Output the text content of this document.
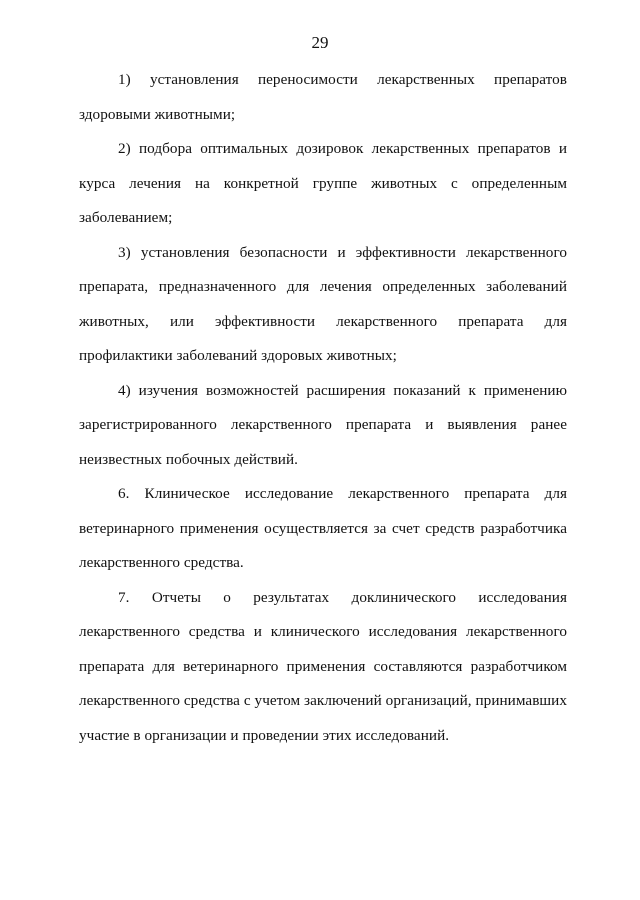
29

1) установления переносимости лекарственных препаратов здоровыми животными;

2) подбора оптимальных дозировок лекарственных препаратов и курса лечения на конкретной группе животных с определенным заболеванием;

3) установления безопасности и эффективности лекарственного препарата, предназначенного для лечения определенных заболеваний животных, или эффективности лекарственного препарата для профилактики заболеваний здоровых животных;

4) изучения возможностей расширения показаний к применению зарегистрированного лекарственного препарата и выявления ранее неизвестных побочных действий.

6. Клиническое исследование лекарственного препарата для ветеринарного применения осуществляется за счет средств разработчика лекарственного средства.

7. Отчеты о результатах доклинического исследования лекарственного средства и клинического исследования лекарственного препарата для ветеринарного применения составляются разработчиком лекарственного средства с учетом заключений организаций, принимавших участие в организации и проведении этих исследований.
